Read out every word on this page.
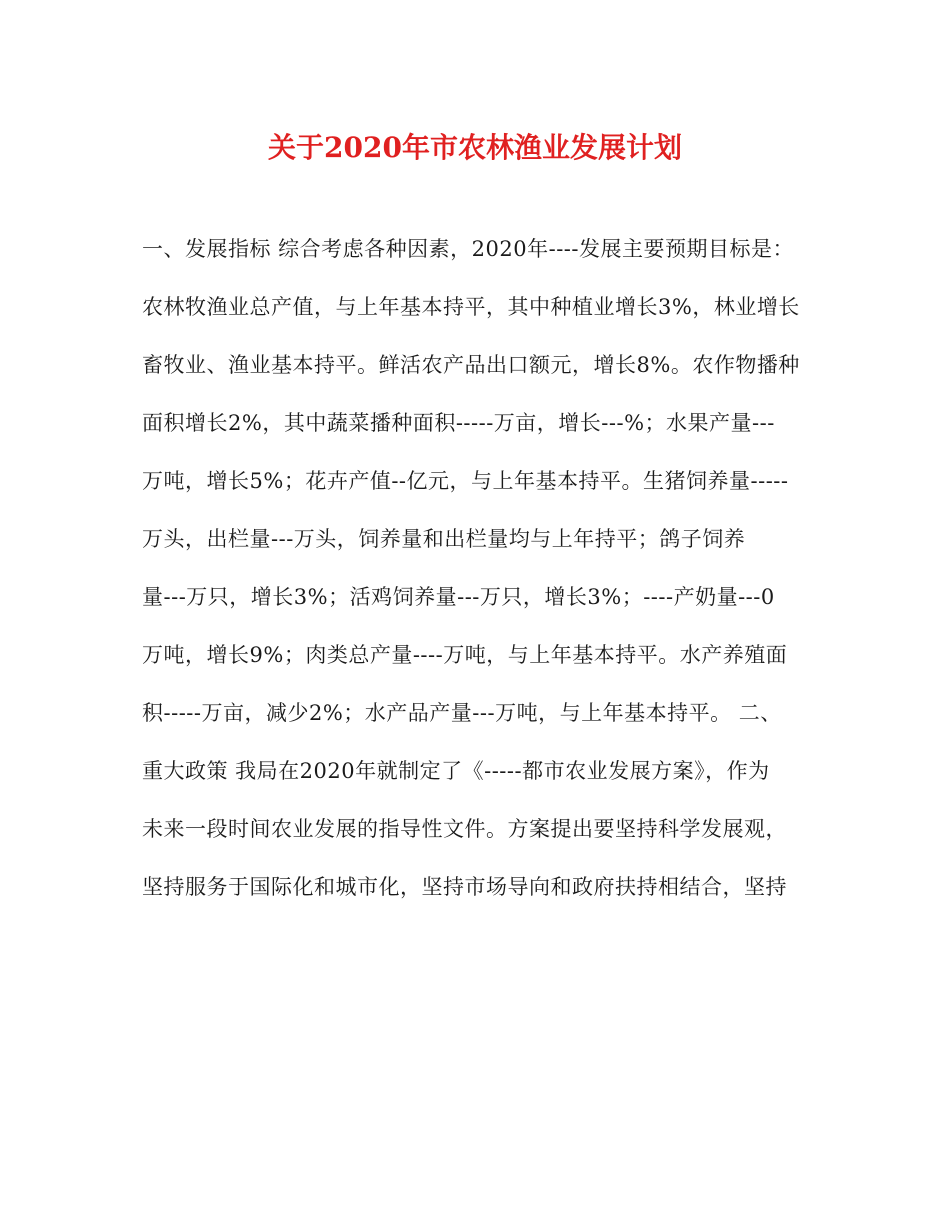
关于2020年市农林渔业发展计划
一、发展指标 综合考虑各种因素，2020年----发展主要预期目标是：
农林牧渔业总产值，与上年基本持平，其中种植业增长3%，林业增长
畜牧业、渔业基本持平。鲜活农产品出口额元，增长8%。农作物播种
面积增长2%，其中蔬菜播种面积-----万亩，增长---%；水果产量---
万吨，增长5%；花卉产值--亿元，与上年基本持平。生猪饲养量-----
万头，出栏量---万头，饲养量和出栏量均与上年持平；鸽子饲养
量---万只，增长3%；活鸡饲养量---万只，增长3%；----产奶量---0
万吨，增长9%；肉类总产量----万吨，与上年基本持平。水产养殖面
积-----万亩，减少2%；水产品产量---万吨，与上年基本持平。 二、
重大政策 我局在2020年就制定了《-----都市农业发展方案》，作为
未来一段时间农业发展的指导性文件。方案提出要坚持科学发展观，
坚持服务于国际化和城市化，坚持市场导向和政府扶持相结合，坚持
